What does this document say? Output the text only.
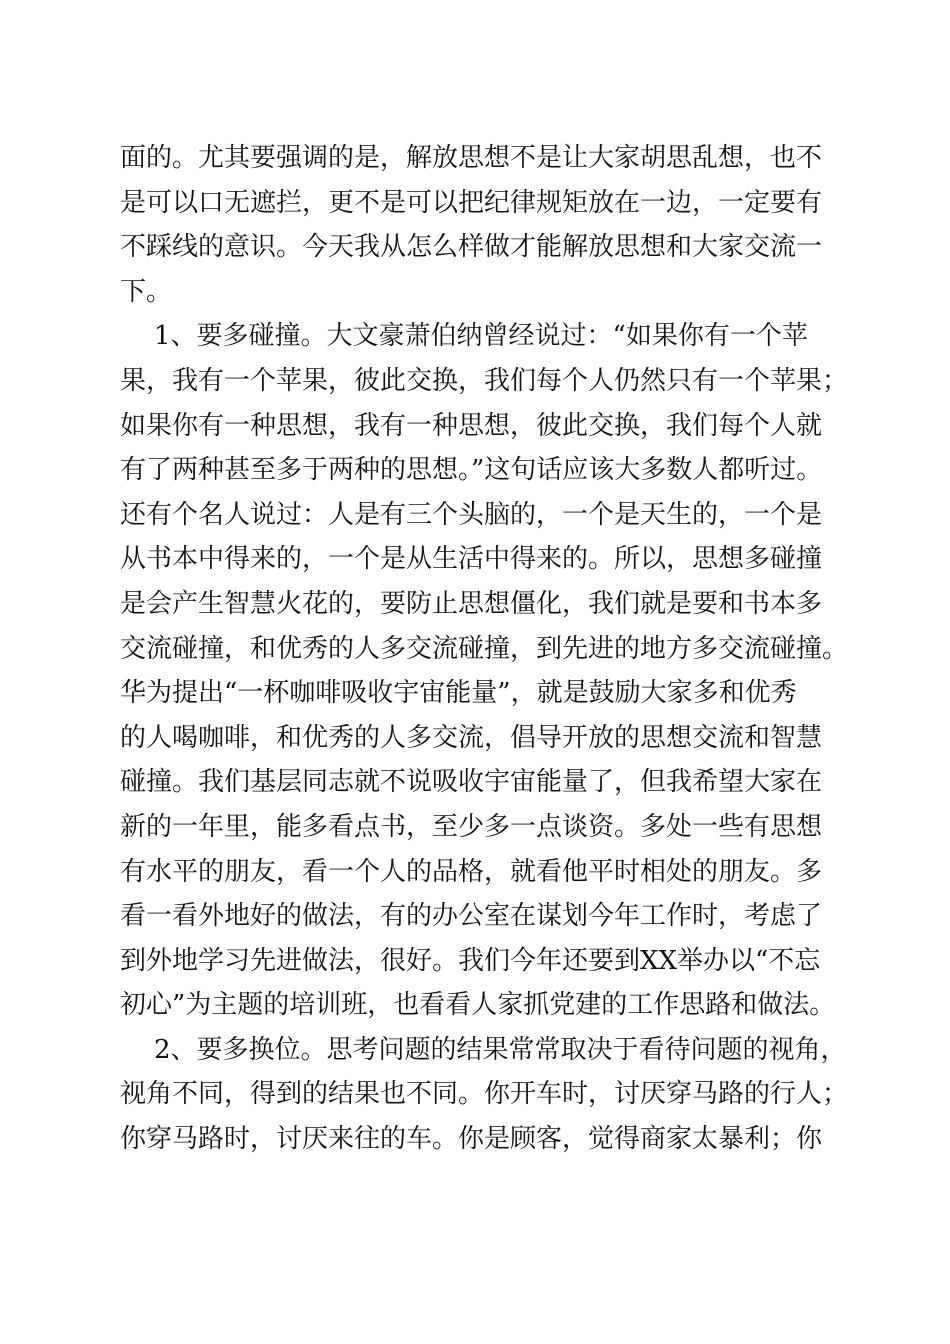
面的。尤其要强调的是，解放思想不是让大家胡思乱想，也不
是可以口无遮拦，更不是可以把纪律规矩放在一边，一定要有
不踩线的意识。今天我从怎么样做才能解放思想和大家交流一
下。
1、要多碰撞。大文豪萧伯纳曾经说过：“如果你有一个苹
果，我有一个苹果，彼此交换，我们每个人仍然只有一个苹果；
如果你有一种思想，我有一种思想，彼此交换，我们每个人就
有了两种甚至多于两种的思想。”这句话应该大多数人都听过。
还有个名人说过：人是有三个头脑的，一个是天生的，一个是
从书本中得来的，一个是从生活中得来的。所以，思想多碰撞
是会产生智慧火花的，要防止思想僵化，我们就是要和书本多
交流碰撞，和优秀的人多交流碰撞，到先进的地方多交流碰撞。
华为提出“一杯咖啡吸收宇宙能量”，就是鼓励大家多和优秀
的人喝咖啡，和优秀的人多交流，倡导开放的思想交流和智慧
碰撞。我们基层同志就不说吸收宇宙能量了，但我希望大家在
新的一年里，能多看点书，至少多一点谈资。多处一些有思想
有水平的朋友，看一个人的品格，就看他平时相处的朋友。多
看一看外地好的做法，有的办公室在谋划今年工作时，考虑了
到外地学习先进做法，很好。我们今年还要到XX举办以“不忘
初心”为主题的培训班，也看看人家抓党建的工作思路和做法。
2、要多换位。思考问题的结果常常取决于看待问题的视角，
视角不同，得到的结果也不同。你开车时，讨厌穿马路的行人；
你穿马路时，讨厌来往的车。你是顾客，觉得商家太暴利；你
